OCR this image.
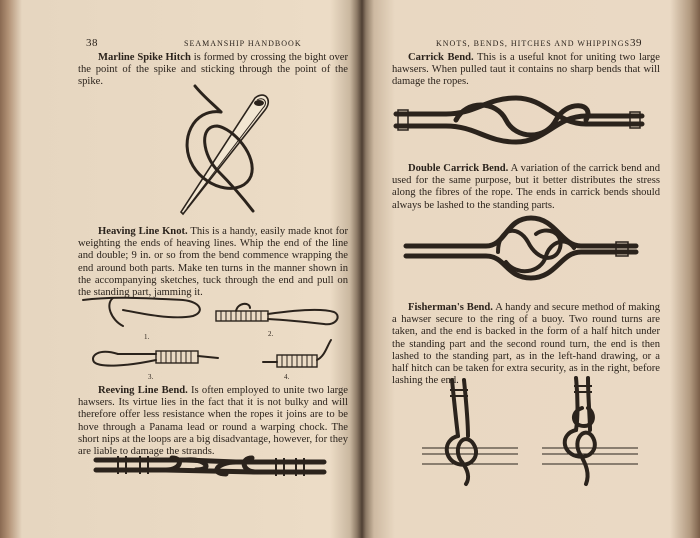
38	SEAMANSHIP HANDBOOK
Marline Spike Hitch is formed by crossing the bight over the point of the spike and sticking through the point of the spike.
Heaving Line Knot. This is a handy, easily made knot for weighting the ends of heaving lines. Whip the end of the line and double; 9 in. or so from the bend commence wrapping the end around both parts. Make ten turns in the manner shown in the accompanying sketches, tuck through the end and pull on the standing part, jamming it.
1.	2.
3.	4.
Reeving Line Bend. Is often employed to unite two large hawsers. Its virtue lies in the fact that it is not bulky and will therefore offer less resistance when the ropes it joins are to be hove through a Panama lead or round a warping chock. The short nips at the loops are a big disadvantage, however, for they are liable to damage the strands.
KNOTS, BENDS, HITCHES AND WHIPPINGS 39
Carrick Bend. This is a useful knot for uniting two large hawsers. When pulled taut it contains no sharp bends that will damage the ropes.
Double Carrick Bend. A variation of the carrick bend and used for the same purpose, but it better distributes the stress along the fibres of the rope. The ends in carrick bends should always be lashed to the standing parts.
Fisherman's Bend. A handy and secure method of making a hawser secure to the ring of a buoy. Two round turns are taken, and the end is backed in the form of a half hitch under the standing part and the second round turn, the end is then lashed to the standing part, as in the left-hand drawing, or a half hitch can be taken for extra security, as in the right, before lashing the end.
